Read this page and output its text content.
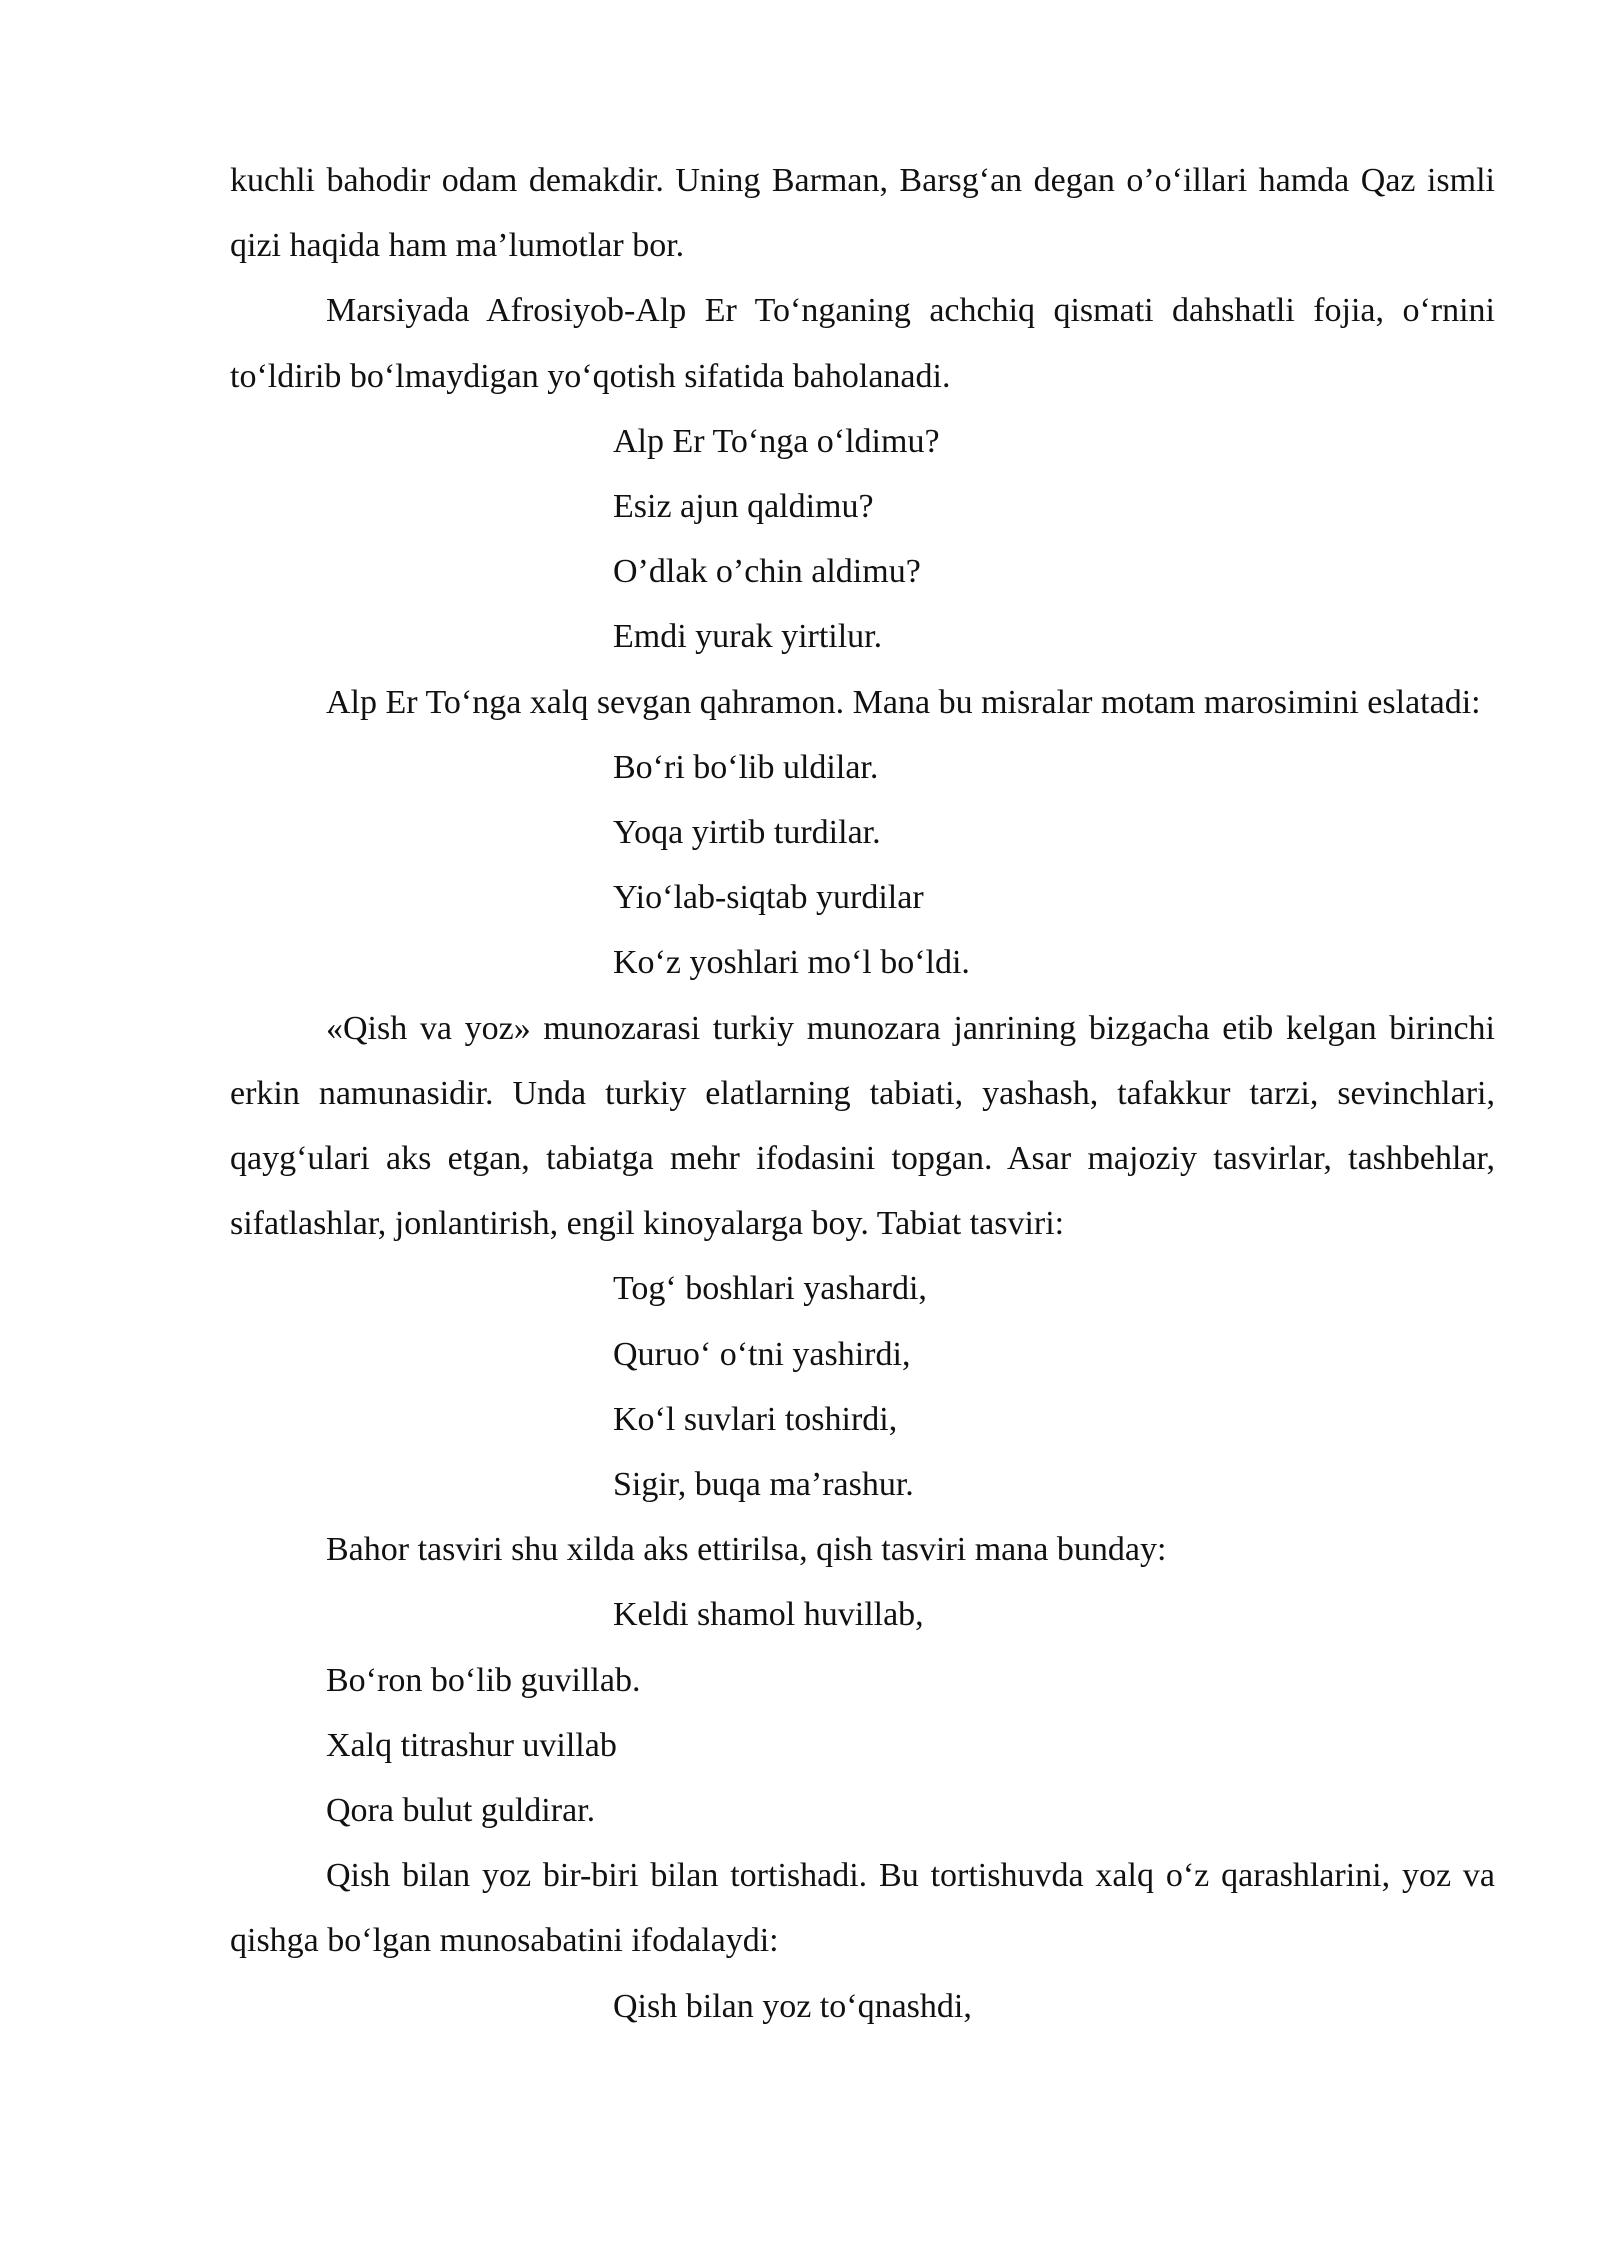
kuchli bahodir odam demakdir. Uning Barman, Barsg‘an degan o’o‘illari hamda Qaz ismli qizi haqida ham ma’lumotlar bor.

Marsiyada Afrosiyob-Alp Er To‘nganing achchiq qismati dahshatli fojia, o‘rnini to‘ldirib bo‘lmaydigan yo‘qotish sifatida baholanadi.

Alp Er To‘nga o‘ldimu?

Esiz ajun qaldimu?

O’dlak o’chin aldimu?

Emdi yurak yirtilur.

Alp Er To‘nga xalq sevgan qahramon. Mana bu misralar motam marosimini eslatadi:

Bo‘ri bo‘lib uldilar.

Yoqa yirtib turdilar.

Yio‘lab-siqtab yurdilar

Ko‘z yoshlari mo‘l bo‘ldi.

«Qish va yoz» munozarasi turkiy munozara janrining bizgacha etib kelgan birinchi erkin namunasidir. Unda turkiy elatlarning tabiati, yashash, tafakkur tarzi, sevinchlari, qayg‘ulari aks etgan, tabiatga mehr ifodasini topgan. Asar majoziy tasvirlar, tashbehlar, sifatlashlar, jonlantirish, engil kinoyalarga boy. Tabiat tasviri:

Tog‘ boshlari yashardi,

Quruo‘ o‘tni yashirdi,

Ko‘l suvlari toshirdi,

Sigir, buqa ma’rashur.

Bahor tasviri shu xilda aks ettirilsa, qish tasviri mana bunday:

Keldi shamol huvillab,

Bo‘ron bo‘lib guvillab.

Xalq titrashur uvillab

Qora bulut guldirar.

Qish bilan yoz bir-biri bilan tortishadi. Bu tortishuvda xalq o‘z qarashlarini, yoz va qishga bo‘lgan munosabatini ifodalaydi:

Qish bilan yoz to‘qnashdi,
